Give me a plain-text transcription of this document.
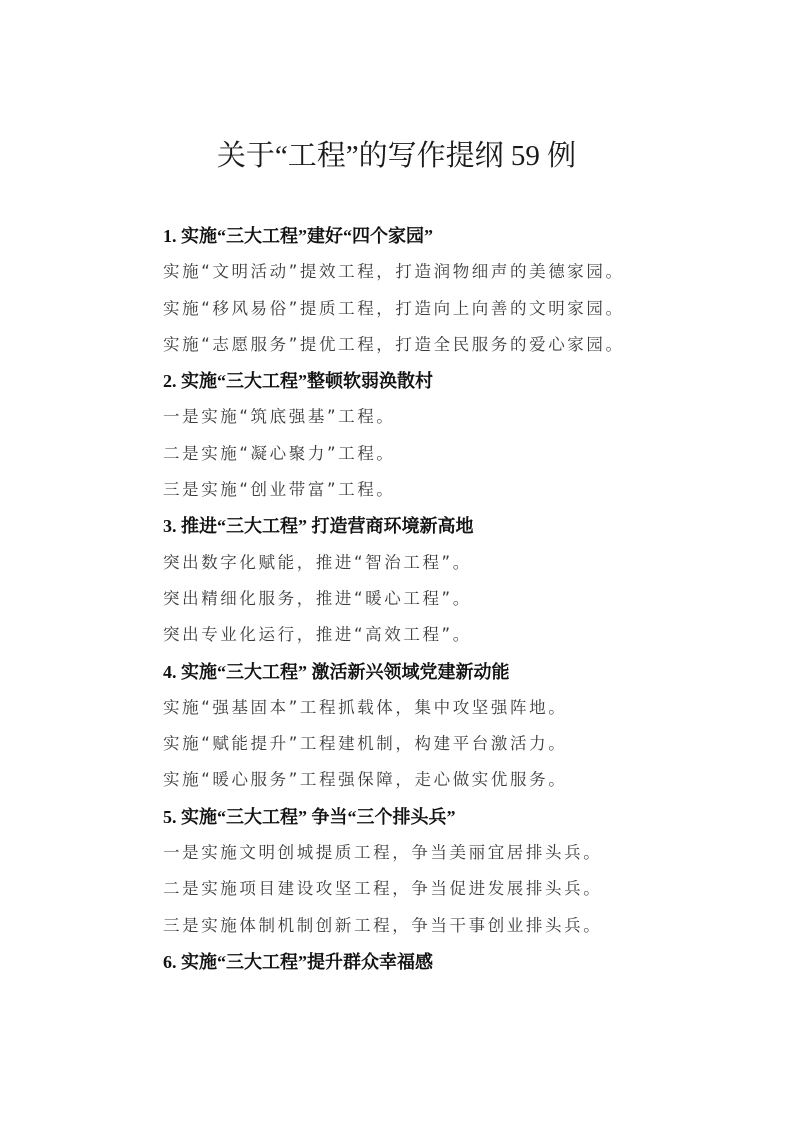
关于“工程”的写作提纲 59 例
1. 实施“三大工程”建好“四个家园”
实施“文明活动”提效工程，打造润物细声的美德家园。
实施“移风易俗”提质工程，打造向上向善的文明家园。
实施“志愿服务”提优工程，打造全民服务的爱心家园。
2. 实施“三大工程”整顿软弱涣散村
一是实施“筑底强基”工程。
二是实施“凝心聚力”工程。
三是实施“创业带富”工程。
3. 推进“三大工程” 打造营商环境新高地
突出数字化赋能，推进“智治工程”。
突出精细化服务，推进“暖心工程”。
突出专业化运行，推进“高效工程”。
4. 实施“三大工程” 激活新兴领域党建新动能
实施“强基固本”工程抓载体，集中攻坚强阵地。
实施“赋能提升”工程建机制，构建平台激活力。
实施“暖心服务”工程强保障，走心做实优服务。
5. 实施“三大工程” 争当“三个排头兵”
一是实施文明创城提质工程，争当美丽宜居排头兵。
二是实施项目建设攻坚工程，争当促进发展排头兵。
三是实施体制机制创新工程，争当干事创业排头兵。
6. 实施“三大工程”提升群众幸福感
